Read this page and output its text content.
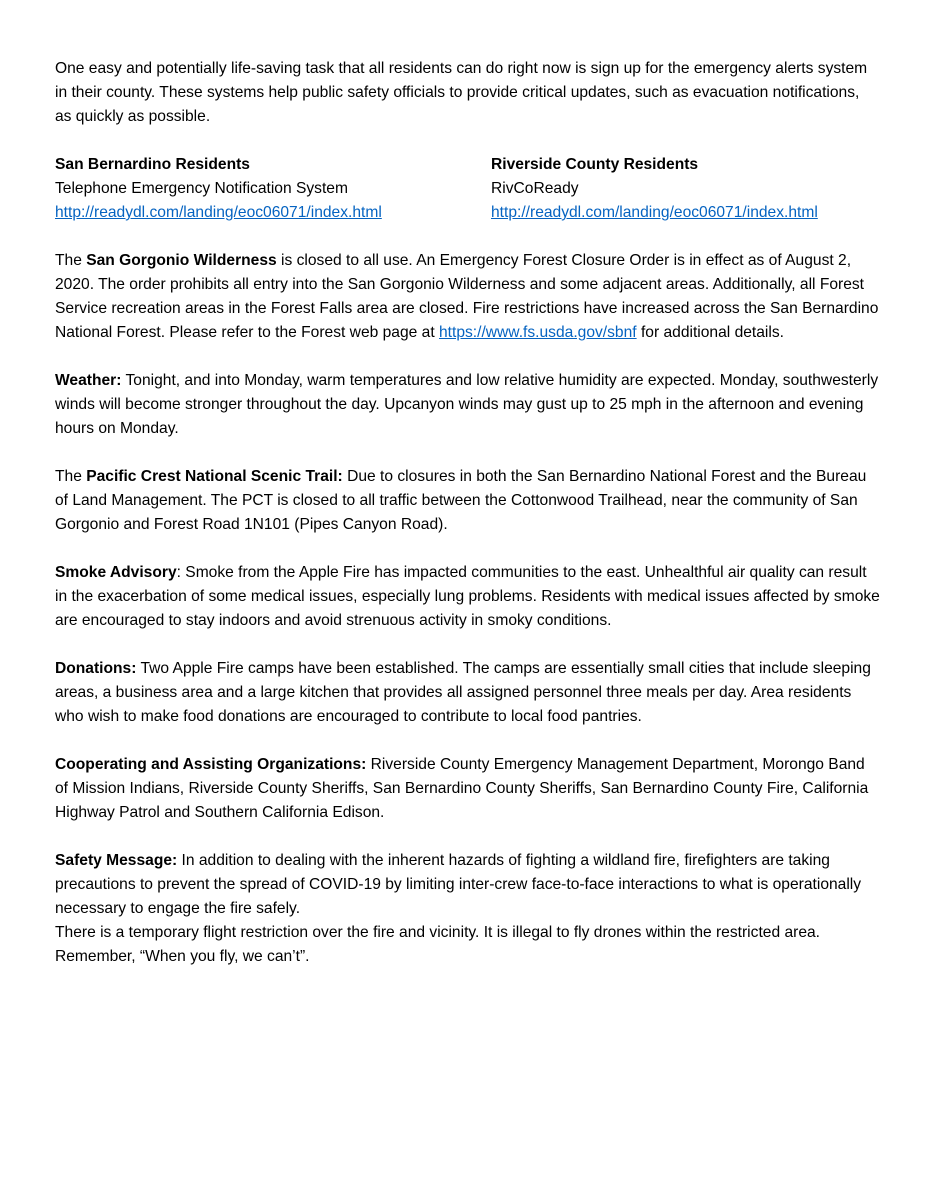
One easy and potentially life-saving task that all residents can do right now is sign up for the emergency alerts system in their county. These systems help public safety officials to provide critical updates, such as evacuation notifications, as quickly as possible.

San Bernardino Residents
Telephone Emergency Notification System
http://readydl.com/landing/eoc06071/index.html
Riverside County Residents
RivCoReady
http://readydl.com/landing/eoc06071/index.html

The San Gorgonio Wilderness is closed to all use. An Emergency Forest Closure Order is in effect as of August 2, 2020. The order prohibits all entry into the San Gorgonio Wilderness and some adjacent areas. Additionally, all Forest Service recreation areas in the Forest Falls area are closed. Fire restrictions have increased across the San Bernardino National Forest. Please refer to the Forest web page at https://www.fs.usda.gov/sbnf for additional details.

Weather: Tonight, and into Monday, warm temperatures and low relative humidity are expected. Monday, southwesterly winds will become stronger throughout the day. Upcanyon winds may gust up to 25 mph in the afternoon and evening hours on Monday.

The Pacific Crest National Scenic Trail: Due to closures in both the San Bernardino National Forest and the Bureau of Land Management. The PCT is closed to all traffic between the Cottonwood Trailhead, near the community of San Gorgonio and Forest Road 1N101 (Pipes Canyon Road).

Smoke Advisory: Smoke from the Apple Fire has impacted communities to the east. Unhealthful air quality can result in the exacerbation of some medical issues, especially lung problems. Residents with medical issues affected by smoke are encouraged to stay indoors and avoid strenuous activity in smoky conditions.

Donations: Two Apple Fire camps have been established. The camps are essentially small cities that include sleeping areas, a business area and a large kitchen that provides all assigned personnel three meals per day. Area residents who wish to make food donations are encouraged to contribute to local food pantries.

Cooperating and Assisting Organizations: Riverside County Emergency Management Department, Morongo Band of Mission Indians, Riverside County Sheriffs, San Bernardino County Sheriffs, San Bernardino County Fire, California Highway Patrol and Southern California Edison.

Safety Message: In addition to dealing with the inherent hazards of fighting a wildland fire, firefighters are taking precautions to prevent the spread of COVID-19 by limiting inter-crew face-to-face interactions to what is operationally necessary to engage the fire safely.

There is a temporary flight restriction over the fire and vicinity. It is illegal to fly drones within the restricted area. Remember, “When you fly, we can’t”.
